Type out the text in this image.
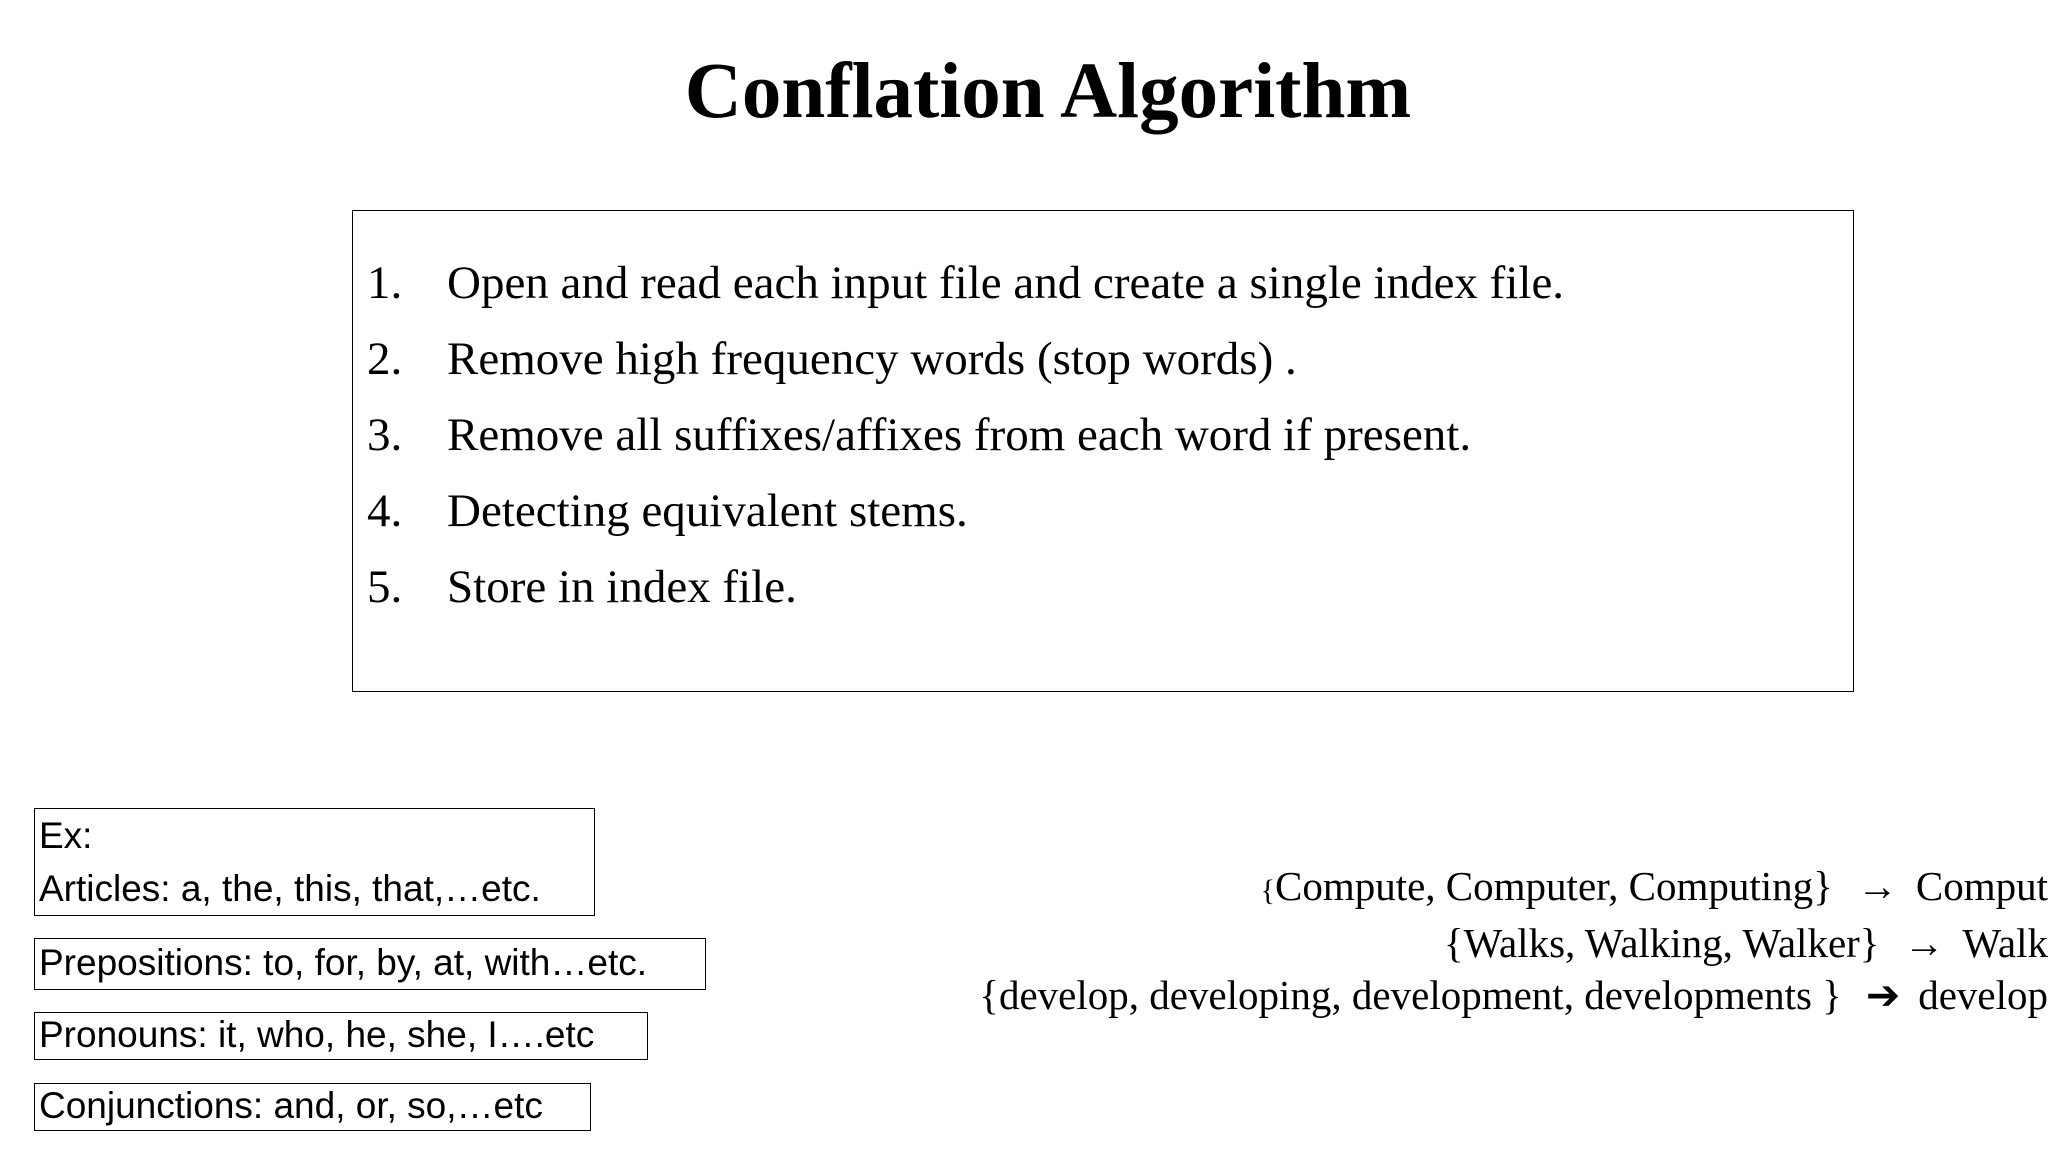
Conflation Algorithm
1. Open and read each input file and create a single index file.
2. Remove high frequency words (stop words) .
3. Remove all suffixes/affixes from each word if present.
4. Detecting equivalent stems.
5. Store in index file.
Ex:
Articles: a, the, this, that,…etc.
Prepositions: to, for, by, at, with…etc.
Pronouns: it, who, he, she, I….etc
Conjunctions: and, or, so,…etc
{Compute, Computer, Computing} → Comput
{Walks, Walking, Walker} → Walk
{develop, developing, development, developments } ➔ develop
